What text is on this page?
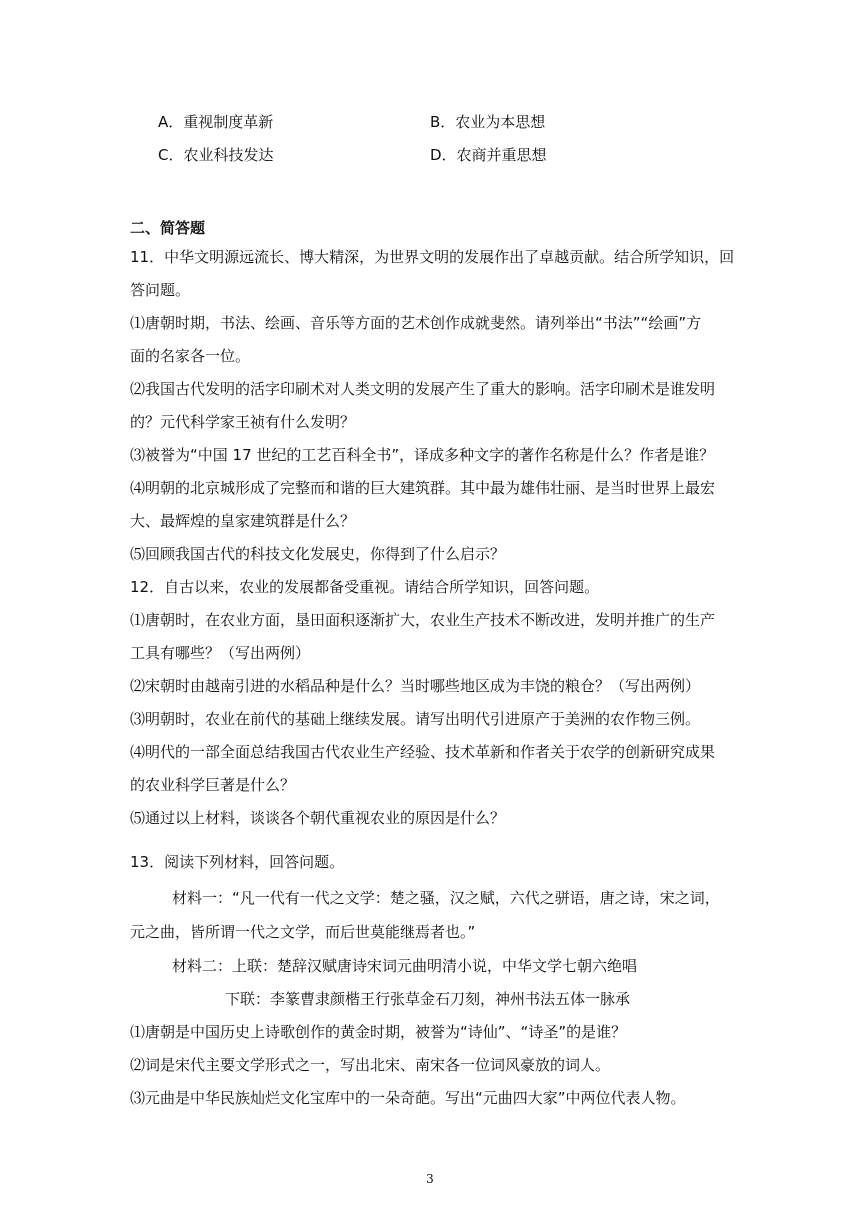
A．重视制度革新	B．农业为本思想
C．农业科技发达	D．农商并重思想
二、简答题
11．中华文明源远流长、博大精深，为世界文明的发展作出了卓越贡献。结合所学知识，回
答问题。
⑴唐朝时期，书法、绘画、音乐等方面的艺术创作成就斐然。请列举出“书法”“绘画”方
面的名家各一位。
⑵我国古代发明的活字印刷术对人类文明的发展产生了重大的影响。活字印刷术是谁发明
的？元代科学家王祯有什么发明？
⑶被誉为“中国 17 世纪的工艺百科全书”，译成多种文字的著作名称是什么？作者是谁？
⑷明朝的北京城形成了完整而和谐的巨大建筑群。其中最为雄伟壮丽、是当时世界上最宏
大、最辉煌的皇家建筑群是什么？
⑸回顾我国古代的科技文化发展史，你得到了什么启示？
12．自古以来，农业的发展都备受重视。请结合所学知识，回答问题。
⑴唐朝时，在农业方面，垦田面积逐渐扩大，农业生产技术不断改进，发明并推广的生产
工具有哪些？（写出两例）
⑵宋朝时由越南引进的水稻品种是什么？当时哪些地区成为丰饶的粮仓？（写出两例）
⑶明朝时，农业在前代的基础上继续发展。请写出明代引进原产于美洲的农作物三例。
⑷明代的一部全面总结我国古代农业生产经验、技术革新和作者关于农学的创新研究成果
的农业科学巨著是什么？
⑸通过以上材料，谈谈各个朝代重视农业的原因是什么？
13．阅读下列材料，回答问题。
材料一：“凡一代有一代之文学：楚之骚，汉之赋，六代之骈语，唐之诗，宋之词，
元之曲，皆所谓一代之文学，而后世莫能继焉者也。”
材料二：上联：楚辞汉赋唐诗宋词元曲明清小说，中华文学七朝六绝唱
下联：李篆曹隶颜楷王行张草金石刀刻，神州书法五体一脉承
⑴唐朝是中国历史上诗歌创作的黄金时期，被誉为“诗仙”、“诗圣”的是谁？
⑵词是宋代主要文学形式之一，写出北宋、南宋各一位词风豪放的词人。
⑶元曲是中华民族灿烂文化宝库中的一朵奇葩。写出“元曲四大家”中两位代表人物。
3
